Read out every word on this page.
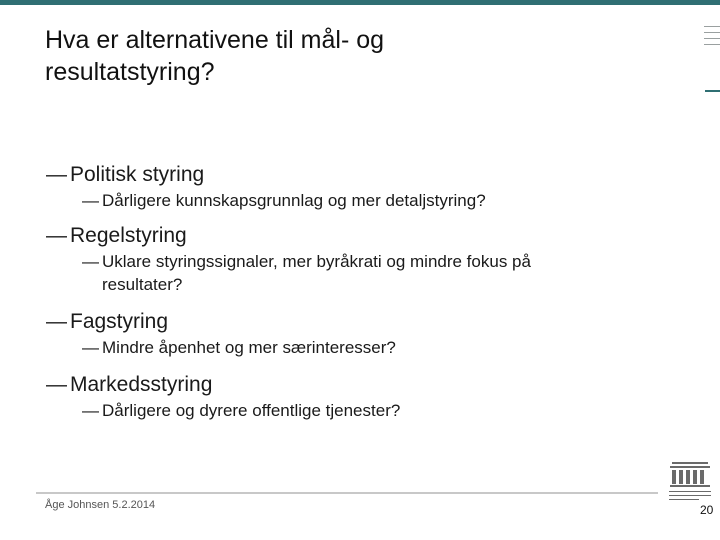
Hva er alternativene til mål- og
resultatstyring?
— Politisk styring
— Dårligere kunnskapsgrunnlag og mer detaljstyring?
— Regelstyring
— Uklare styringssignaler, mer byråkrati og mindre fokus på
resultater?
— Fagstyring
— Mindre åpenhet og mer særinteresser?
— Markedsstyring
— Dårligere og dyrere offentlige tjenester?
Åge Johnsen 5.2.2014	20
